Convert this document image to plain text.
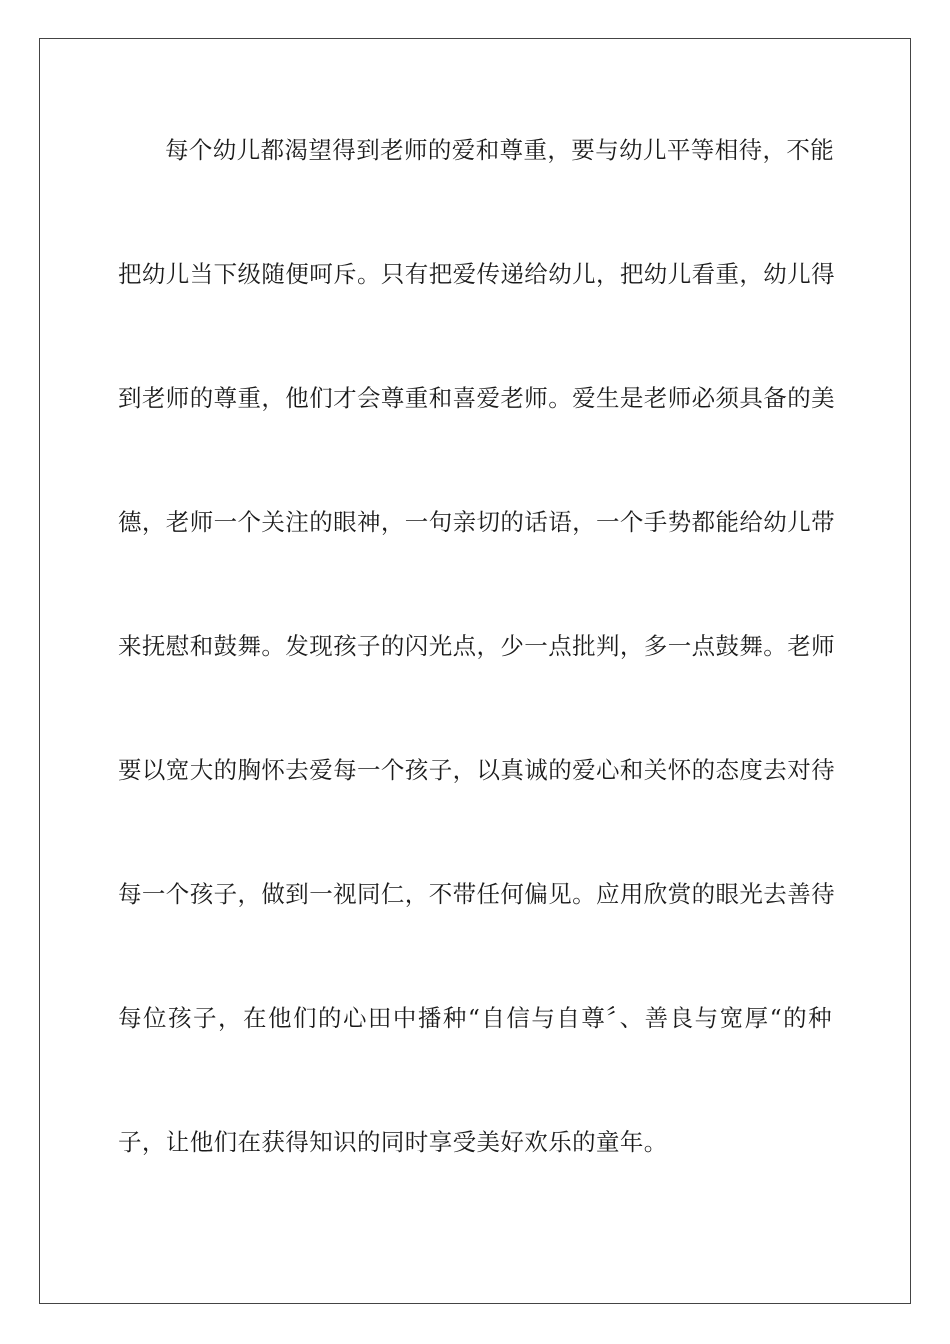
每个幼儿都渴望得到老师的爱和尊重，要与幼儿平等相待，不能
把幼儿当下级随便呵斥。只有把爱传递给幼儿，把幼儿看重，幼儿得
到老师的尊重，他们才会尊重和喜爱老师。爱生是老师必须具备的美
德，老师一个关注的眼神，一句亲切的话语，一个手势都能给幼儿带
来抚慰和鼓舞。发现孩子的闪光点，少一点批判，多一点鼓舞。老师
要以宽大的胸怀去爱每一个孩子，以真诚的爱心和关怀的态度去对待
每一个孩子，做到一视同仁，不带任何偏见。应用欣赏的眼光去善待
每位孩子，在他们的心田中播种“自信与自尊〞、善良与宽厚“的种
子，让他们在获得知识的同时享受美好欢乐的童年。
